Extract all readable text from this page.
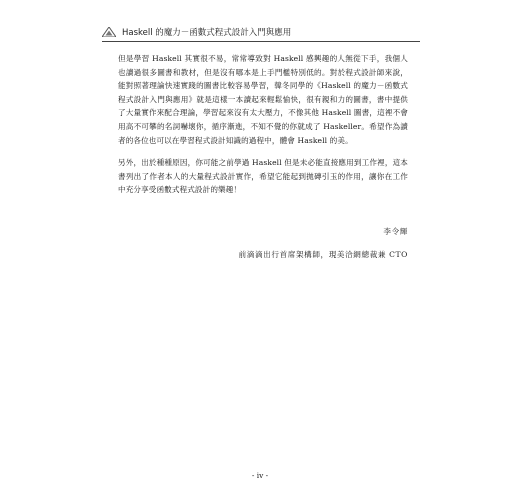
Haskell 的魔力－函數式程式設計入門與應用

但是學習 Haskell 其實很不易，常常導致對 Haskell 感興趣的人無從下手，我個人也讀過很多圖書和教材，但是沒有哪本是上手門檻特別低的。對於程式設計師來說，能對照著理論快速實踐的圖書比較容易學習，韓冬同學的《Haskell 的魔力－函數式程式設計入門與應用》就是這樣一本讀起來輕鬆愉快，很有親和力的圖書，書中提供了大量實作來配合理論，學習起來沒有太大壓力，不像其他 Haskell 圖書，這裡不會用高不可攀的名詞嚇壞你，循序漸進，不知不覺的你就成了 Haskeller。希望作為讀者的各位也可以在學習程式設計知識的過程中，體會 Haskell 的美。

另外，出於種種原因，你可能之前學過 Haskell 但是未必能直接應用到工作裡，這本書列出了作者本人的大量程式設計實作，希望它能起到拋磚引玉的作用，讓你在工作中充分享受函數式程式設計的樂趣！

李令輝
前滴滴出行首席架構師，現美洽網總裁兼 CTO
- iv -
